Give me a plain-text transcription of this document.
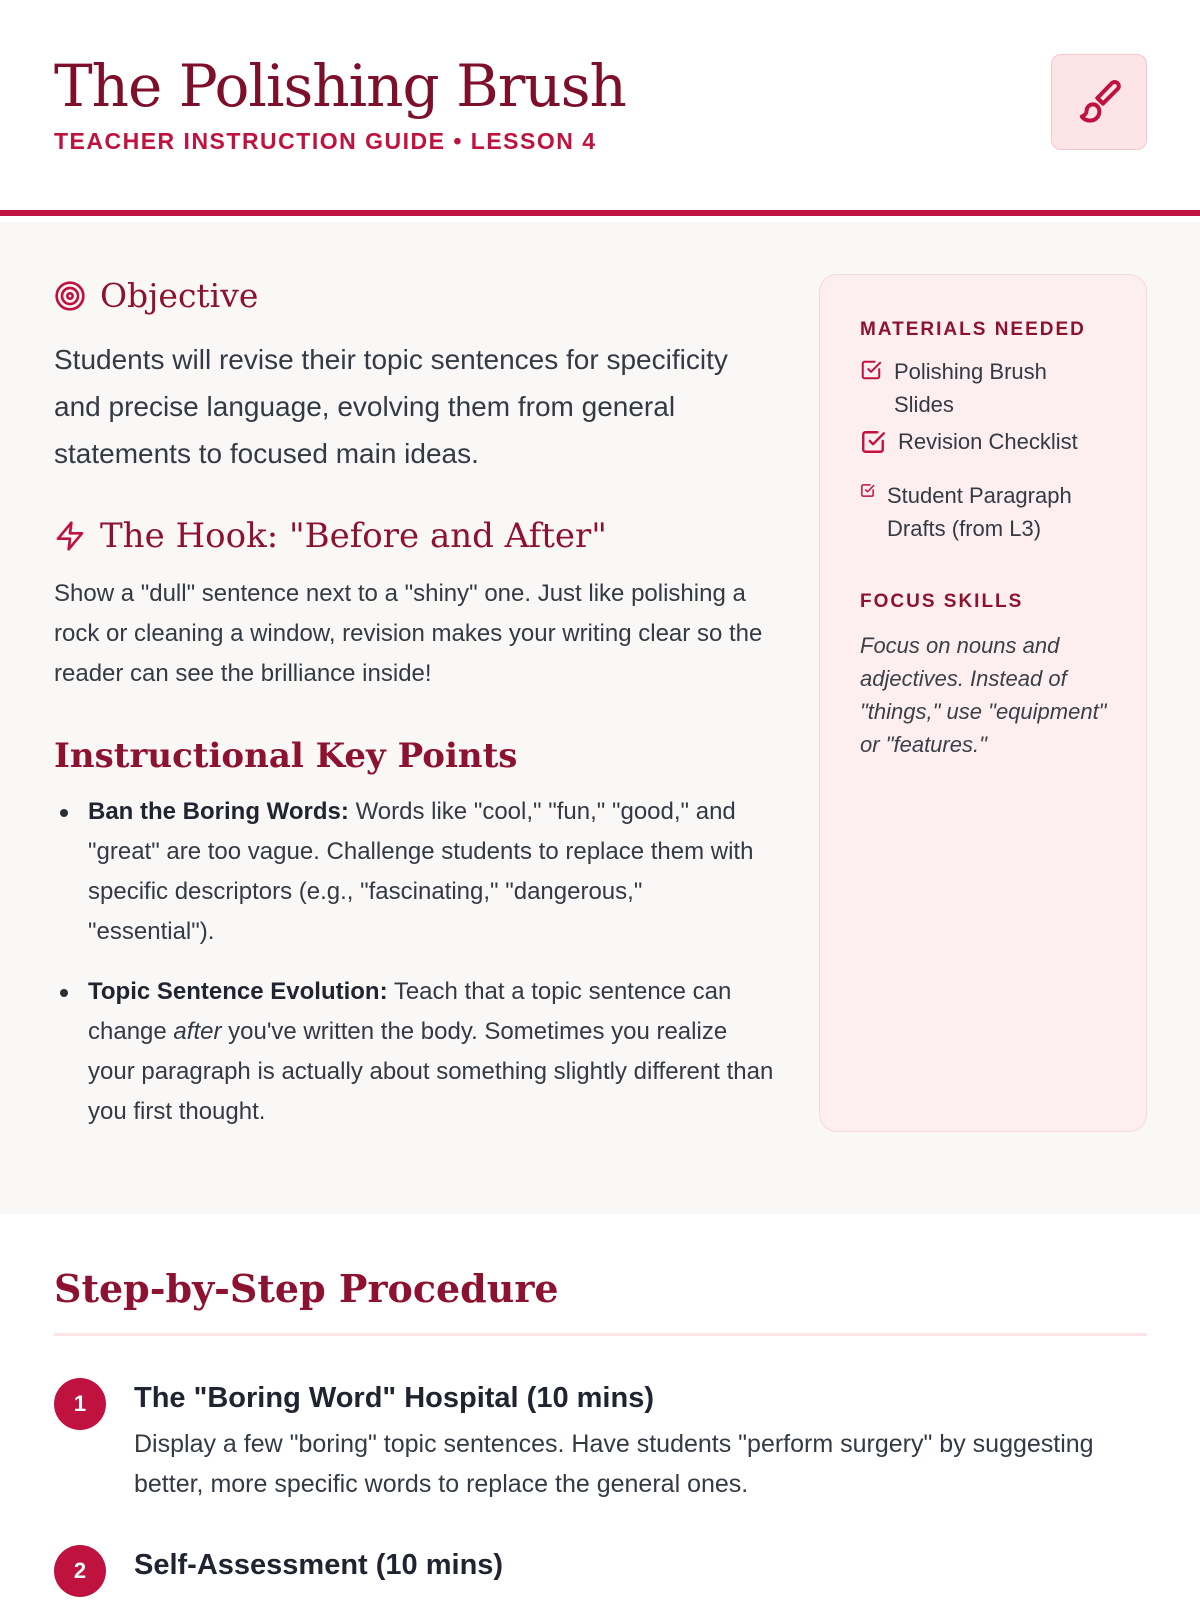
The Polishing Brush
TEACHER INSTRUCTION GUIDE • LESSON 4
Objective

Students will revise their topic sentences for specificity and precise language, evolving them from general statements to focused main ideas.

The Hook: "Before and After"

Show a "dull" sentence next to a "shiny" one. Just like polishing a rock or cleaning a window, revision makes your writing clear so the reader can see the brilliance inside!

Instructional Key Points
Ban the Boring Words: Words like "cool," "fun," "good," and "great" are too vague. Challenge students to replace them with specific descriptors (e.g., "fascinating," "dangerous," "essential").
Topic Sentence Evolution: Teach that a topic sentence can change after you've written the body. Sometimes you realize your paragraph is actually about something slightly different than you first thought.
MATERIALS NEEDED
Polishing Brush Slides
Revision Checklist
Student Paragraph Drafts (from L3)
FOCUS SKILLS

Focus on nouns and adjectives. Instead of "things," use "equipment" or "features."

Step-by-Step Procedure
1	The "Boring Word" Hospital (10 mins)

Display a few "boring" topic sentences. Have students "perform surgery" by suggesting better, more specific words to replace the general ones.

2	Self-Assessment (10 mins)
